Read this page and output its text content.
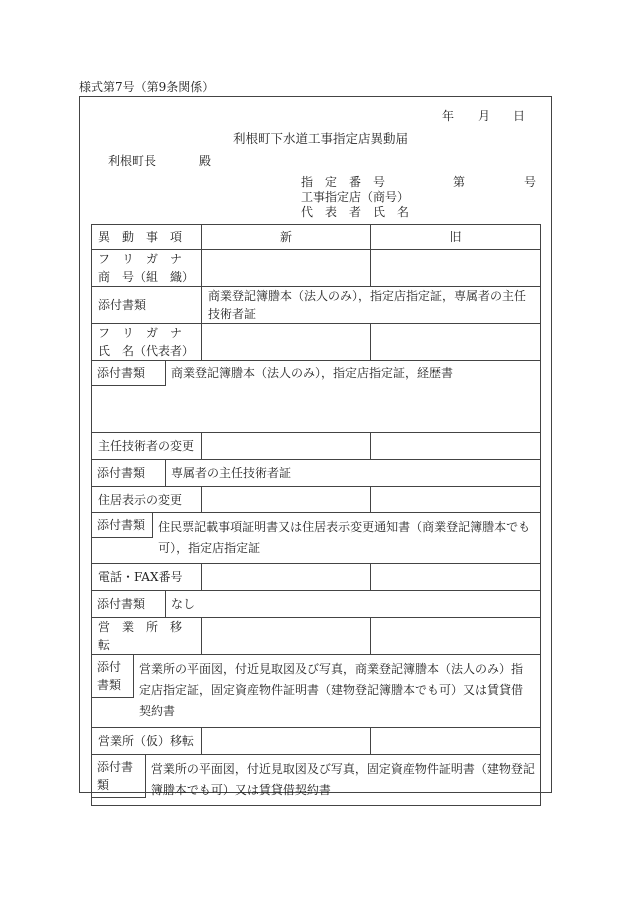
様式第7号（第9条関係）
年 月 日
利根町下水道工事指定店異動届
利根町長	殿
指　定　番　号	第	号
工事指定店（商号）
代　表　者　氏　名
異　動　事　項	新	旧

フ　リ　ガ　ナ
商　号（組　織）		

添付書類	商業登記簿謄本（法人のみ），指定店指定証，専属者の主任技術者証	

フ　リ　ガ　ナ
氏　名（代表者）		

添付書類 商業登記簿謄本（法人のみ），指定店指定証，経歴書		

主任技術者の変更		

添付書類 専属者の主任技術者証		

住居表示の変更		

添付書類 住民票記載事項証明書又は住居表示変更通知書（商業登記簿謄本でも可），指定店指定証		

電話・FAX番号		

添付書類 なし		

営　業　所　移　転		

添付書類
営業所の平面図，付近見取図及び写真，商業登記簿謄本（法人のみ）指定店指定証，固定資産物件証明書（建物登記簿謄本でも可）又は賃貸借契約書		

営業所（仮）移転		

添付書類
営業所の平面図，付近見取図及び写真，固定資産物件証明書（建物登記簿謄本でも可）又は賃貸借契約書		
